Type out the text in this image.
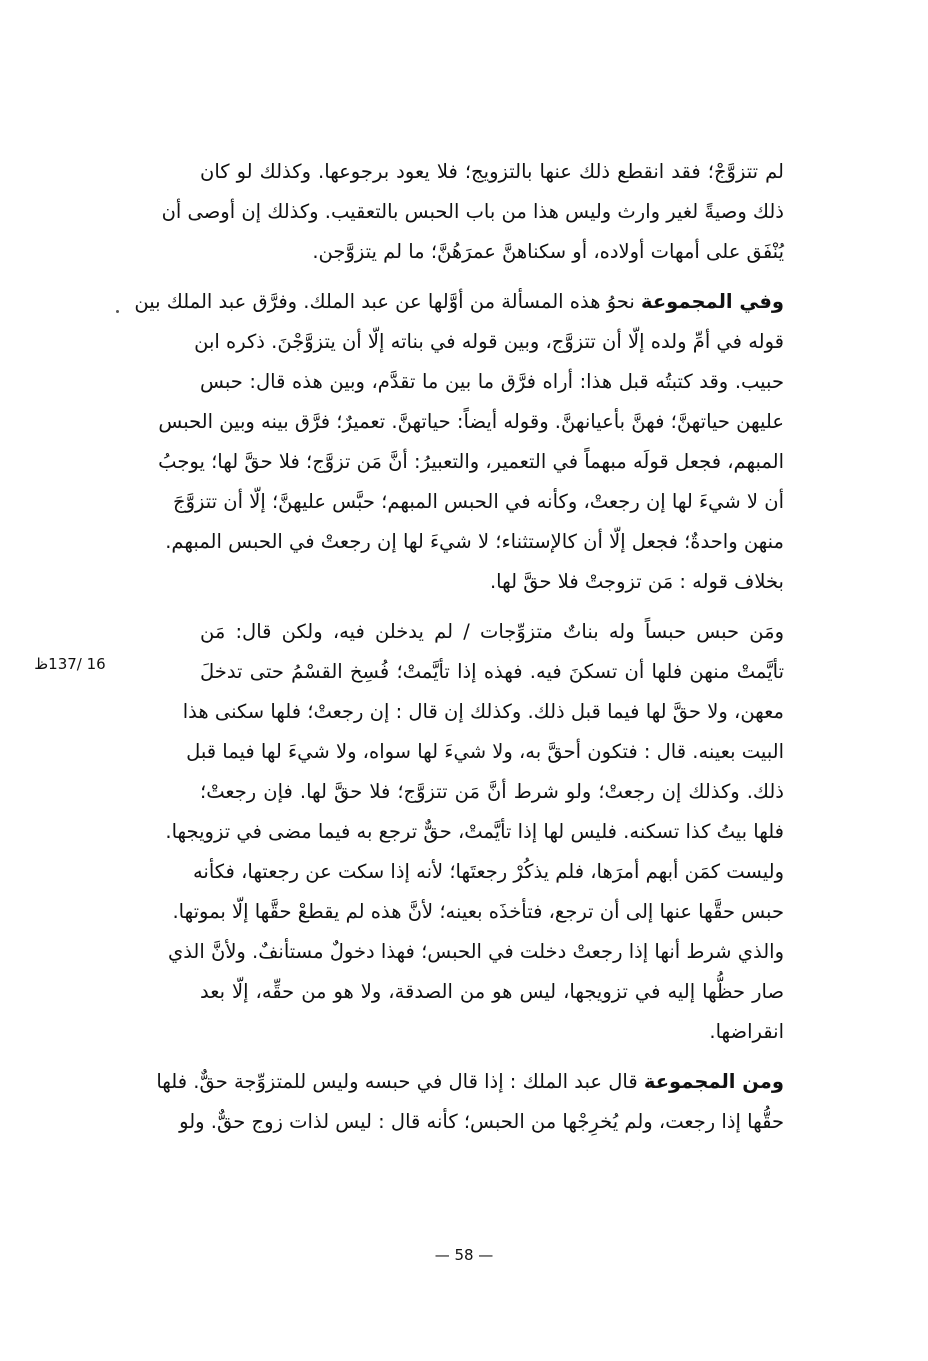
16 /137ظ

لم تتزوَّجْ؛ فقد انقطع ذلك عنها بالتزويج؛ فلا يعود برجوعها. وكذلك لو كان
ذلك وصيةً لغير وارث وليس هذا من باب الحبس بالتعقيب. وكذلك إن أوصى أن
يُنْفَق على أمهات أولاده، أو سكناهنَّ عمرَهُنَّ؛ ما لم يتزوَّجن.

وفي المجموعة نحوُ هذه المسألة من أوَّلها عن عبد الملك. وفرَّق عبد الملك بين
قوله في أمِّ ولده إلّا أن تتزوَّج، وبين قوله في بناته إلّا أن يتزوَّجْنَ. ذكره ابن
حبيب. وقد كتبتُه قبل هذا: أراه فرَّق ما بين ما تقدَّم، وبين هذه قال: حبس
عليهن حياتهنَّ؛ فهنَّ بأعيانهنَّ. وقوله أيضاً: حياتهنَّ. تعميرٌ؛ فرَّق بينه وبين الحبس
المبهم، فجعل قولَه مبهماً في التعمير، والتعبيرُ: أنَّ مَن تزوَّج؛ فلا حقَّ لها؛ يوجبُ
أن لا شيءَ لها إن رجعتْ، وكأنه في الحبس المبهم؛ حبَّس عليهنَّ؛ إلّا أن تتزوَّجَ
منهن واحدةٌ؛ فجعل إلّا أن كالإستثناء؛ لا شيءَ لها إن رجعتْ في الحبس المبهم.
بخلاف قوله : مَن تزوجتْ فلا حقَّ لها.

ومَن حبس حبساً وله بناتٌ متزوِّجات / لم يدخلن فيه، ولكن قال: مَن
تأيَّمتْ منهن فلها أن تسكنَ فيه. فهذه إذا تأيَّمتْ؛ فُسِخ القسْمُ حتى تدخلَ
معهن، ولا حقَّ لها فيما قبل ذلك. وكذلك إن قال : إن رجعتْ؛ فلها سكنى هذا
البيت بعينه. قال : فتكون أحقَّ به، ولا شيءَ لها سواه، ولا شيءَ لها فيما قبل
ذلك. وكذلك إن رجعتْ؛ ولو شرط أنَّ مَن تتزوَّج؛ فلا حقَّ لها. فإن رجعتْ؛
فلها بيتُ كذا تسكنه. فليس لها إذا تأيَّمتْ، حقٌّ ترجع به فيما مضى في تزويجها.
وليست كمَن أبهم أمرَها، فلم يذكُرْ رجعتَها؛ لأنه إذا سكت عن رجعتها، فكأنه
حبس حقَّها عنها إلى أن ترجع، فتأخذَه بعينه؛ لأنَّ هذه لم يقطعْ حقَّها إلّا بموتها.
والذي شرط أنها إذا رجعتْ دخلت في الحبس؛ فهذا دخولٌ مستأنفٌ. ولأنَّ الذي
صار حظُّها إليه في تزويجها، ليس هو من الصدقة، ولا هو من حقِّه، إلّا بعد
انقراضها.

ومن المجموعة قال عبد الملك : إذا قال في حبسه وليس للمتزوِّجة حقٌّ. فلها
حقُّها إذا رجعت، ولم يُخرِجْها من الحبس؛ كأنه قال : ليس لذات زوج حقٌّ. ولو

— 58 —
